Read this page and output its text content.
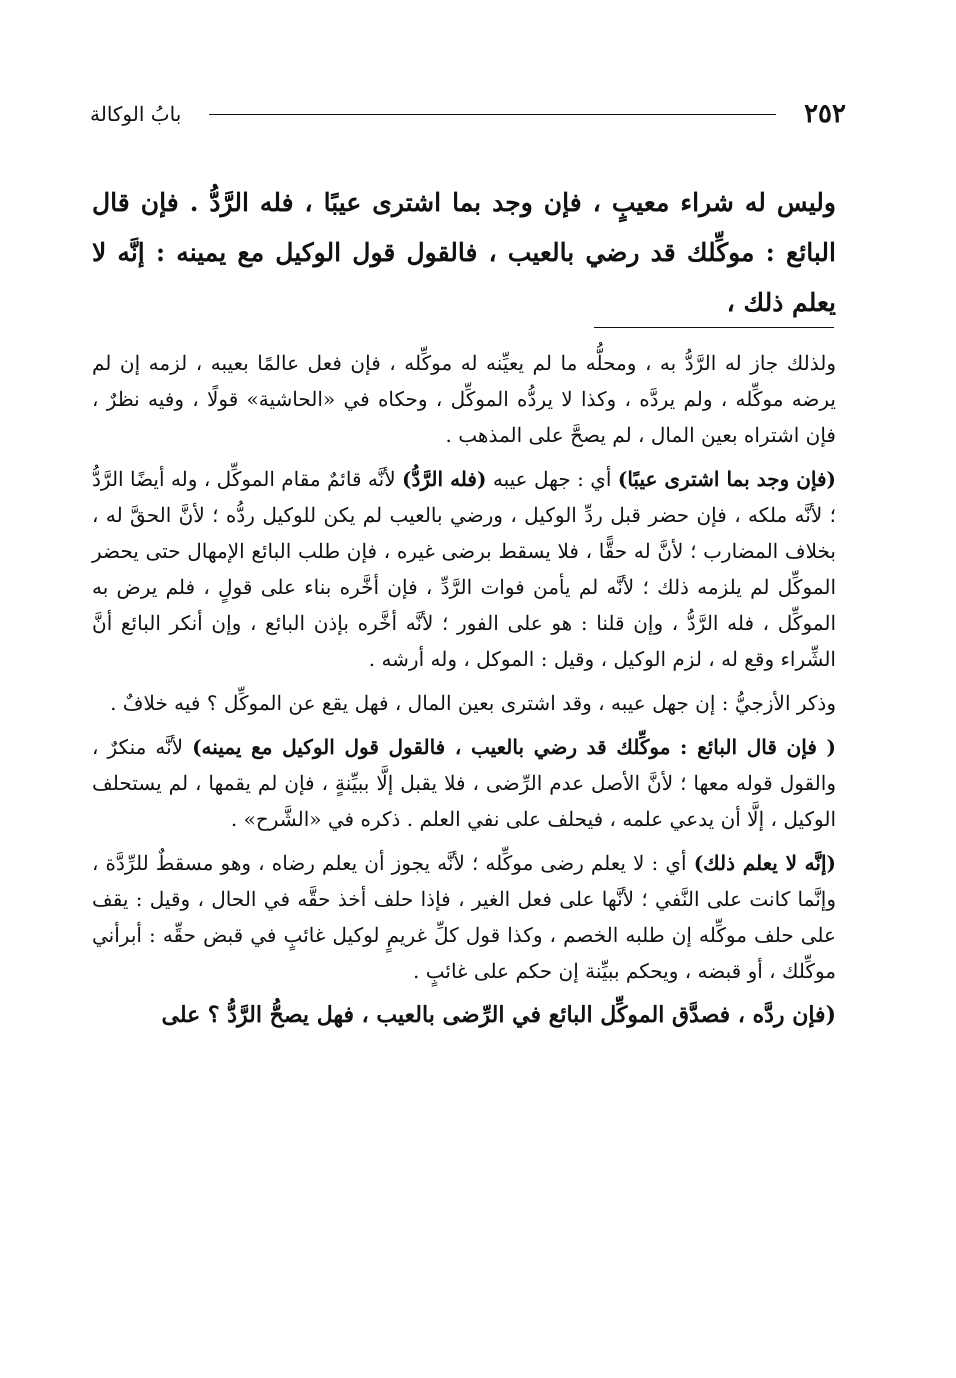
٢٥٢
بابُ الوكالة
وليس له شراء معيبٍ ، فإن وجد بما اشترى عيبًا ، فله الرَّدُّ . فإن قال البائع : موكِّلك قد رضي بالعيب ، فالقول قول الوكيل مع يمينه : إنَّه لا يعلم ذلك ،

ولذلك جاز له الرَّدُّ به ، ومحلُّه ما لم يعيِّنه له موكِّله ، فإن فعل عالمًا بعيبه ، لزمه إن لم يرضه موكِّله ، ولم يردَّه ، وكذا لا يردُّه الموكِّل ، وحكاه في «الحاشية» قولًا ، وفيه نظرٌ ، فإن اشتراه بعين المال ، لم يصحَّ على المذهب .

(فإن وجد بما اشترى عيبًا) أي : جهل عيبه (فله الرَّدُّ) لأنَّه قائمٌ مقام الموكِّل ، وله أيضًا الرَّدُّ ؛ لأنَّه ملكه ، فإن حضر قبل ردِّ الوكيل ، ورضي بالعيب لم يكن للوكيل ردُّه ؛ لأنَّ الحقَّ له ، بخلاف المضارب ؛ لأنَّ له حقًّا ، فلا يسقط برضى غيره ، فإن طلب البائع الإمهال حتى يحضر الموكِّل لم يلزمه ذلك ؛ لأنَّه لم يأمن فوات الرَّدِّ ، فإن أخَّره بناء على قولٍ ، فلم يرض به الموكِّل ، فله الرَّدُّ ، وإن قلنا : هو على الفور ؛ لأنَّه أخَّره بإذن البائع ، وإن أنكر البائع أنَّ الشِّراء وقع له ، لزم الوكيل ، وقيل : الموكل ، وله أرشه .

وذكر الأزجيُّ : إن جهل عيبه ، وقد اشترى بعين المال ، فهل يقع عن الموكِّل ؟ فيه خلافٌ .

( فإن قال البائع : موكِّلك قد رضي بالعيب ، فالقول قول الوكيل مع يمينه) لأنَّه منكرٌ ، والقول قوله معها ؛ لأنَّ الأصل عدم الرِّضى ، فلا يقبل إلَّا ببيِّنةٍ ، فإن لم يقمها ، لم يستحلف الوكيل ، إلَّا أن يدعي علمه ، فيحلف على نفي العلم . ذكره في «الشَّرح» .

(إنَّه لا يعلم ذلك) أي : لا يعلم رضى موكِّله ؛ لأنَّه يجوز أن يعلم رضاه ، وهو مسقطٌ للرِّدَّة ، وإنَّما كانت على النَّفي ؛ لأنَّها على فعل الغير ، فإذا حلف أخذ حقَّه في الحال ، وقيل : يقف على حلف موكِّله إن طلبه الخصم ، وكذا قول كلِّ غريمٍ لوكيل غائبٍ في قبض حقِّه : أبرأني موكِّلك ، أو قبضه ، ويحكم ببيِّنة إن حكم على غائبٍ .

(فإن ردَّه ، فصدَّق الموكِّل البائع في الرِّضى بالعيب ، فهل يصحُّ الرَّدُّ ؟ على
